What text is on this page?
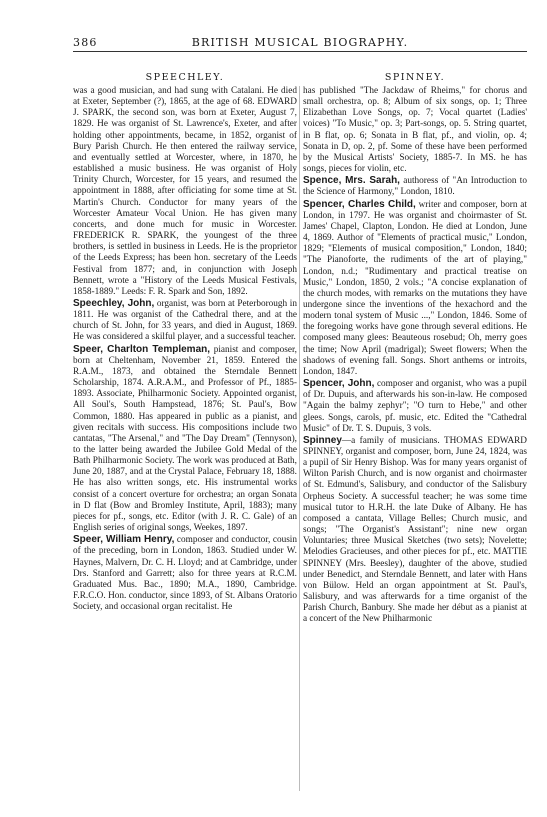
386	BRITISH MUSICAL BIOGRAPHY.
SPEECHLEY.	SPINNEY.

was a good musician, and had sung with Catalani. He died at Exeter, September (?), 1865, at the age of 68. EDWARD J. SPARK, the second son, was born at Exeter, August 7, 1829. He was organist of St. Lawrence's, Exeter, and after holding other appointments, became, in 1852, organist of Bury Parish Church. He then entered the railway service, and eventually settled at Worcester, where, in 1870, he established a music business. He was organist of Holy Trinity Church, Worcester, for 15 years, and resumed the appointment in 1888, after officiating for some time at St. Martin's Church. Conductor for many years of the Worcester Amateur Vocal Union. He has given many concerts, and done much for music in Worcester. FREDERICK R. SPARK, the youngest of the three brothers, is settled in business in Leeds. He is the proprietor of the Leeds Express; has been hon. secretary of the Leeds Festival from 1877; and, in conjunction with Joseph Bennett, wrote a "History of the Leeds Musical Festivals, 1858-1889." Leeds: F. R. Spark and Son, 1892.

Speechley, John, organist, was born at Peterborough in 1811. He was organist of the Cathedral there, and at the church of St. John, for 33 years, and died in August, 1869. He was considered a skilful player, and a successful teacher.

Speer, Charlton Templeman, pianist and composer, born at Cheltenham, November 21, 1859. Entered the R.A.M., 1873, and obtained the Sterndale Bennett Scholarship, 1874. A.R.A.M., and Professor of Pf., 1885-1893. Associate, Philharmonic Society. Appointed organist, All Soul's, South Hampstead, 1876; St. Paul's, Bow Common, 1880. Has appeared in public as a pianist, and given recitals with success. His compositions include two cantatas, "The Arsenal," and "The Day Dream" (Tennyson), to the latter being awarded the Jubilee Gold Medal of the Bath Philharmonic Society. The work was produced at Bath, June 20, 1887, and at the Crystal Palace, February 18, 1888. He has also written songs, etc. His instrumental works consist of a concert overture for orchestra; an organ Sonata in D flat (Bow and Bromley Institute, April, 1883); many pieces for pf., songs, etc. Editor (with J. R. C. Gale) of an English series of original songs, Weekes, 1897.

Speer, William Henry, composer and conductor, cousin of the preceding, born in London, 1863. Studied under W. Haynes, Malvern, Dr. C. H. Lloyd; and at Cambridge, under Drs. Stanford and Garrett; also for three years at R.C.M. Graduated Mus. Bac., 1890; M.A., 1890, Cambridge. F.R.C.O. Hon. conductor, since 1893, of St. Albans Oratorio Society, and occasional organ recitalist. He

has published "The Jackdaw of Rheims," for chorus and small orchestra, op. 8; Album of six songs, op. 1; Three Elizabethan Love Songs, op. 7; Vocal quartet (Ladies' voices) "To Music," op. 3; Part-songs, op. 5. String quartet, in B flat, op. 6; Sonata in B flat, pf., and violin, op. 4; Sonata in D, op. 2, pf. Some of these have been performed by the Musical Artists' Society, 1885-7. In MS. he has songs, pieces for violin, etc.

Spence, Mrs. Sarah, authoress of "An Introduction to the Science of Harmony," London, 1810.

Spencer, Charles Child, writer and composer, born at London, in 1797. He was organist and choirmaster of St. James' Chapel, Clapton, London. He died at London, June 4, 1869. Author of "Elements of practical music," London, 1829; "Elements of musical composition," London, 1840; "The Pianoforte, the rudiments of the art of playing," London, n.d.; "Rudimentary and practical treatise on Music," London, 1850, 2 vols.; "A concise explanation of the church modes, with remarks on the mutations they have undergone since the inventions of the hexachord and the modern tonal system of Music ...," London, 1846. Some of the foregoing works have gone through several editions. He composed many glees: Beauteous rosebud; Oh, merry goes the time; Now April (madrigal); Sweet flowers; When the shadows of evening fall. Songs. Short anthems or introits, London, 1847.

Spencer, John, composer and organist, who was a pupil of Dr. Dupuis, and afterwards his son-in-law. He composed "Again the balmy zephyr"; "O turn to Hebe," and other glees. Songs, carols, pf. music, etc. Edited the "Cathedral Music" of Dr. T. S. Dupuis, 3 vols.

Spinney—a family of musicians. THOMAS EDWARD SPINNEY, organist and composer, born, June 24, 1824, was a pupil of Sir Henry Bishop. Was for many years organist of Wilton Parish Church, and is now organist and choirmaster of St. Edmund's, Salisbury, and conductor of the Salisbury Orpheus Society. A successful teacher; he was some time musical tutor to H.R.H. the late Duke of Albany. He has composed a cantata, Village Belles; Church music, and songs; "The Organist's Assistant"; nine new organ Voluntaries; three Musical Sketches (two sets); Novelette; Melodies Gracieuses, and other pieces for pf., etc. MATTIE SPINNEY (Mrs. Beesley), daughter of the above, studied under Benedict, and Sterndale Bennett, and later with Hans von Bülow. Held an organ appointment at St. Paul's, Salisbury, and was afterwards for a time organist of the Parish Church, Banbury. She made her début as a pianist at a concert of the New Philharmonic
